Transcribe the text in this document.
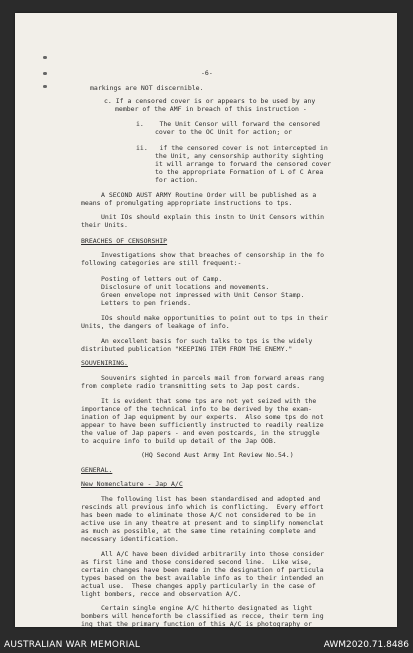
-6-
markings are NOT discernible.
c. If a censored cover is or appears to be used by any
member of the AMF in breach of this instruction -
i.    The Unit Censor will forward the censored
cover to the OC Unit for action; or
ii.   if the censored cover is not intercepted in
the Unit, any censorship authority sighting
it will arrange to forward the censored cover
to the appropriate Formation of L of C Area
for action.
A SECOND AUST ARMY Routine Order will be published as a
means of promulgating appropriate instructions to tps.
Unit IOs should explain this instn to Unit Censors within
their Units.
BREACHES OF CENSORSHIP
Investigations show that breaches of censorship in the fo
following categories are still frequent:-
Posting of letters out of Camp.
Disclosure of unit locations and movements.
Green envelope not impressed with Unit Censor Stamp.
Letters to pen friends.
IOs should make opportunities to point out to tps in their
Units, the dangers of leakage of info.
An excellent basis for such talks to tps is the widely
distributed publication "KEEPING ITEM FROM THE ENEMY."
SOUVENIRING.
Souvenirs sighted in parcels mail from forward areas rang
from complete radio transmitting sets to Jap post cards.
It is evident that some tps are not yet seized with the
importance of the technical info to be derived by the exam-
ination of Jap equipment by our experts.  Also some tps do not
appear to have been sufficiently instructed to readily realize
the value of Jap papers - and even postcards, in the struggle
to acquire info to build up detail of the Jap OOB.
(HQ Second Aust Army Int Review No.54.)
GENERAL.
New Nomenclature - Jap A/C
The following list has been standardised and adopted and
rescinds all previous info which is conflicting.  Every effort
has been made to eliminate those A/C not considered to be in
active use in any theatre at present and to simplify nomenclat
as much as possible, at the same time retaining complete and
necessary identification.
All A/C have been divided arbitrarily into those consider
as first line and those considered second line.  Like wise,
certain changes have been made in the designation of particula
types based on the best available info as to their intended an
actual use.  These changes apply particularly in the case of
light bombers, recce and observation A/C.
Certain single engine A/C hitherto designated as light
bombers will henceforth be classified as recce, their term ing
ing that the primary function of this A/C is photography or
AUSTRALIAN WAR MEMORIAL	AWM2020.71.8486
